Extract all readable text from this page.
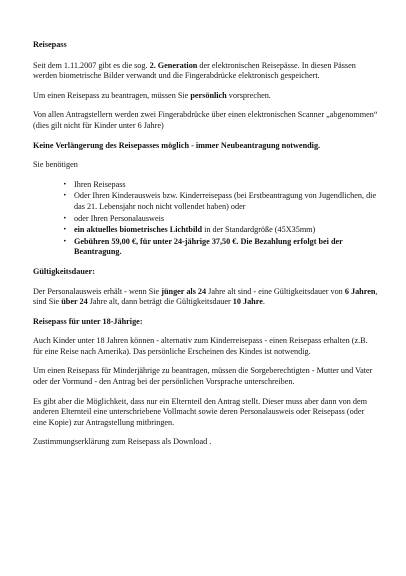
Reisepass

Seit dem 1.11.2007 gibt es die sog. 2. Generation der elektronischen Reisepässe. In diesen Pässen werden biometrische Bilder verwandt und die Fingerabdrücke elektronisch gespeichert.

Um einen Reisepass zu beantragen, müssen Sie persönlich vorsprechen.

Von allen Antragstellern werden zwei Fingerabdrücke über einen elektronischen Scanner „abgenommen“ (dies gilt nicht für Kinder unter 6 Jahre)

Keine Verlängerung des Reisepasses möglich - immer Neubeantragung notwendig.

Sie benötigen

• Ihren Reisepass
• Oder Ihren Kinderausweis bzw. Kinderreisepass (bei Erstbeantragung von Jugendlichen, die das 21. Lebensjahr noch nicht vollendet haben) oder
• oder Ihren Personalausweis
• ein aktuelles biometrisches Lichtbild in der Standardgröße (45X35mm)
• Gebühren 59,00 €, für unter 24-jährige 37,50 €. Die Bezahlung erfolgt bei der Beantragung.
Gültigkeitsdauer:

Der Personalausweis erhält - wenn Sie jünger als 24 Jahre alt sind - eine Gültigkeitsdauer von 6 Jahren, sind Sie über 24 Jahre alt, dann beträgt die Gültigkeitsdauer 10 Jahre.

Reisepass für unter 18-Jährige:

Auch Kinder unter 18 Jahren können - alternativ zum Kinderreisepass - einen Reisepass erhalten (z.B. für eine Reise nach Amerika). Das persönliche Erscheinen des Kindes ist notwendig.

Um einen Reisepass für Minderjährige zu beantragen, müssen die Sorgeberechtigten - Mutter und Vater oder der Vormund - den Antrag bei der persönlichen Vorsprache unterschreiben.

Es gibt aber die Möglichkeit, dass nur ein Elternteil den Antrag stellt. Dieser muss aber dann von dem anderen Elternteil eine unterschriebene Vollmacht sowie deren Personalausweis oder Reisepass (oder eine Kopie) zur Antragstellung mitbringen.

Zustimmungserklärung zum Reisepass als Download .
